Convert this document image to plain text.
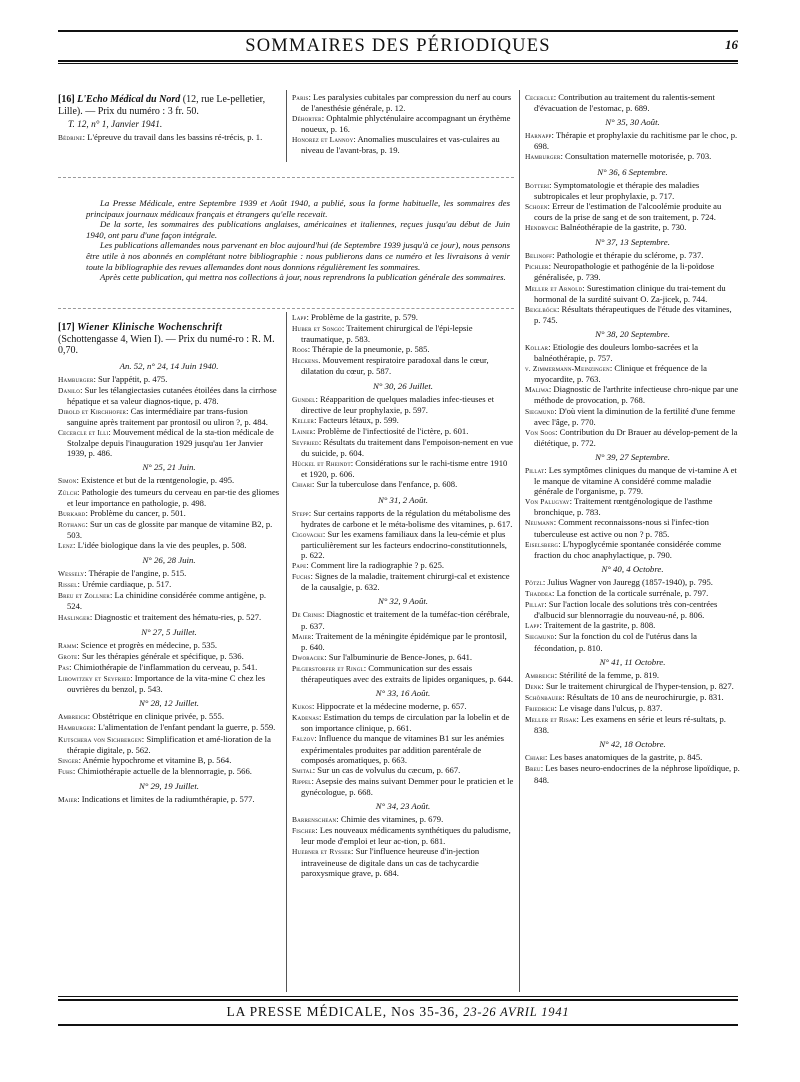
SOMMAIRES DES PÉRIODIQUES	16

[16] L'Echo Médical du Nord (12, rue Le-pelletier, Lille). — Prix du numéro : 3 fr. 50.

T. 12, n° 1, Janvier 1941.

Bédrine: L'épreuve du travail dans les bassins ré-trécis, p. 1.

Paris: Les paralysies cubitales par compression du nerf au cours de l'anesthésie générale, p. 12.

Déhorter: Ophtalmie phlycténulaire accompagnant un érythème noueux, p. 16.

Honorez et Lannoy: Anomalies musculaires et vas-culaires au niveau de l'avant-bras, p. 19.

La Presse Médicale, entre Septembre 1939 et Août 1940, a publié, sous la forme habituelle, les sommaires des principaux journaux médicaux français et étrangers qu'elle recevait.

De la sorte, les sommaires des publications anglaises, américaines et italiennes, reçues jusqu'au début de Juin 1940, ont paru d'une façon intégrale.

Les publications allemandes nous parvenant en bloc aujourd'hui (de Septembre 1939 jusqu'à ce jour), nous pensons être utile à nos abonnés en complétant notre bibliographie : nous publierons dans ce numéro et les livraisons à venir toute la bibliographie des revues allemandes dont nous donnions régulièrement les sommaires.

Après cette publication, qui mettra nos collections à jour, nous reprendrons la publication générale des sommaires.

[17] Wiener Klinische Wochenschrift (Schottengasse 4, Wien I). — Prix du numé-ro : R. M. 0,70.

An. 52, n° 24, 14 Juin 1940.

Hamburger: Sur l'appétit, p. 475.

Danilo: Sur les télangiectasies cutanées étoilées dans la cirrhose hépatique et sa valeur diagnos-tique, p. 478.

Dibold et Kirchhofer: Cas intermédiaire par trans-fusion sanguine après traitement par prontosil ou uliron ?, p. 484.

Cecercle et Illi: Mouvement médical de la sta-tion médicale de Stolzalpe depuis l'inauguration 1929 jusqu'au 1er Janvier 1939, p. 486.

N° 25, 21 Juin.

Simon: Existence et but de la rœntgenologie, p. 495.

Zülch: Pathologie des tumeurs du cerveau en par-tie des gliomes et leur importance en pathologie, p. 498.

Burkard: Problème du cancer, p. 501.

Rothang: Sur un cas de glossite par manque de vitamine B2, p. 503.

Lenz: L'idée biologique dans la vie des peuples, p. 508.

N° 26, 28 Juin.

Wessely: Thérapie de l'angine, p. 515.

Rissel: Urémie cardiaque, p. 517.

Breu et Zollner: La chinidine considérée comme antigène, p. 524.

Haslinger: Diagnostic et traitement des hématu-ries, p. 527.

N° 27, 5 Juillet.

Ramm: Science et progrès en médecine, p. 535.

Grote: Sur les thérapies générale et spécifique, p. 536.

Pas: Chimiothérapie de l'inflammation du cerveau, p. 541.

Libowitzky et Seyfried: Importance de la vita-mine C chez les ouvrières du benzol, p. 543.

N° 28, 12 Juillet.

Ambreich: Obstétrique en clinique privée, p. 555.

Hamburger: L'alimentation de l'enfant pendant la guerre, p. 559.

Kutschera von Sichbergen: Simplification et amé-lioration de la thérapie digitale, p. 562.

Singer: Anémie hypochrome et vitamine B, p. 564.

Fuhs: Chimiothérapie actuelle de la blennorragie, p. 566.

N° 29, 19 Juillet.

Maier: Indications et limites de la radiumthérapie, p. 577.

Lapp: Problème de la gastrite, p. 579.

Huber et Songo: Traitement chirurgical de l'épi-lepsie traumatique, p. 583.

Roos: Thérapie de la pneumonie, p. 585.

Heckens. Mouvement respiratoire paradoxal dans le cœur, dilatation du cœur, p. 587.

N° 30, 26 Juillet.

Gundel: Réapparition de quelques maladies infec-tieuses et directive de leur prophylaxie, p. 597.

Keller: Facteurs létaux, p. 599.

Lainer: Problème de l'infectiosité de l'ictère, p. 601.

Seyfried: Résultats du traitement dans l'empoison-nement en vue du suicide, p. 604.

Hückel et Rheindt: Considérations sur le rachi-tisme entre 1910 et 1920, p. 606.

Chiari: Sur la tuberculose dans l'enfance, p. 608.

N° 31, 2 Août.

Stepp: Sur certains rapports de la régulation du métabolisme des hydrates de carbone et le méta-bolisme des vitamines, p. 617.

Cigovacki: Sur les examens familiaux dans la leu-cémie et plus particulièrement sur les facteurs endocrino-constitutionnels, p. 622.

Pape: Comment lire la radiographie ? p. 625.

Fuchs: Signes de la maladie, traitement chirurgi-cal et existence de la causalgie, p. 632.

N° 32, 9 Août.

De Crinis: Diagnostic et traitement de la tuméfac-tion cérébrale, p. 637.

Maier: Traitement de la méningite épidémique par le prontosil, p. 640.

Dworacek: Sur l'albuminurie de Bence-Jones, p. 641.

Pilgerstorfer et Ringl: Communication sur des essais thérapeutiques avec des extraits de lipides organiques, p. 644.

N° 33, 16 Août.

Kukos: Hippocrate et la médecine moderne, p. 657.

Kadenas: Estimation du temps de circulation par la lobelin et de son importance clinique, p. 661.

Falzov: Influence du manque de vitamines B1 sur les anémies expérimentales produites par addition parentérale de composés aromatiques, p. 663.

Smital: Sur un cas de volvulus du cæcum, p. 667.

Rippel: Asepsie des mains suivant Demmer pour le praticien et le gynécologue, p. 668.

N° 34, 23 Août.

Barrenschean: Chimie des vitamines, p. 679.

Fischer: Les nouveaux médicaments synthétiques du paludisme, leur mode d'emploi et leur ac-tion, p. 681.

Huebner et Rysser: Sur l'influence heureuse d'in-jection intraveineuse de digitale dans un cas de tachycardie paroxysmique grave, p. 684.

Cecercle: Contribution au traitement du ralentis-sement d'évacuation de l'estomac, p. 689.

N° 35, 30 Août.

Harnapp: Thérapie et prophylaxie du rachitisme par le choc, p. 698.

Hamburger: Consultation maternelle motorisée, p. 703.

N° 36, 6 Septembre.

Botteri: Symptomatologie et thérapie des maladies subtropicales et leur prophylaxie, p. 717.

Schoen: Erreur de l'estimation de l'alcoolémie produite au cours de la prise de sang et de son traitement, p. 724.

Hendrych: Balnéothérapie de la gastrite, p. 730.

N° 37, 13 Septembre.

Belinoff: Pathologie et thérapie du sclérome, p. 737.

Pichler: Neuropathologie et pathogénie de la li-poïdose généralisée, p. 739.

Meller et Arnold: Surestimation clinique du trai-tement du hormonal de la surdité suivant O. Za-jicek, p. 744.

Beiglböck: Résultats thérapeutiques de l'étude des vitamines, p. 745.

N° 38, 20 Septembre.

Kollar: Etiologie des douleurs lombo-sacrées et la balnéothérapie, p. 757.

v. Zimmermann-Meinzingen: Clinique et fréquence de la myocardite, p. 763.

Maliwa: Diagnostic de l'arthrite infectieuse chro-nique par une méthode de provocation, p. 768.

Siegmund: D'où vient la diminution de la fertilité d'une femme avec l'âge, p. 770.

Von Soos: Contribution du Dr Brauer au dévelop-pement de la diététique, p. 772.

N° 39, 27 Septembre.

Pillat: Les symptômes cliniques du manque de vi-tamine A et le manque de vitamine A considéré comme maladie générale de l'organisme, p. 779.

Von Palugyay: Traitement rœntgénologique de l'asthme bronchique, p. 783.

Neumann: Comment reconnaissons-nous si l'infec-tion tuberculeuse est active ou non ? p. 785.

Eiselsberg: L'hypoglycémie spontanée considérée comme fraction du choc anaphylactique, p. 790.

N° 40, 4 Octobre.

Pötzl: Julius Wagner von Jauregg (1857-1940), p. 795.

Thaddea: La fonction de la corticale surrénale, p. 797.

Pillat: Sur l'action locale des solutions très con-centrées d'albucid sur blennorragie du nouveau-né, p. 806.

Lapp: Traitement de la gastrite, p. 808.

Siegmund: Sur la fonction du col de l'utérus dans la fécondation, p. 810.

N° 41, 11 Octobre.

Ambreich: Stérilité de la femme, p. 819.

Denk: Sur le traitement chirurgical de l'hyper-tension, p. 827.

Schönbauer: Résultats de 10 ans de neurochirurgie, p. 831.

Friedrich: Le visage dans l'ulcus, p. 837.

Meller et Risak: Les examens en série et leurs ré-sultats, p. 838.

N° 42, 18 Octobre.

Chiari: Les bases anatomiques de la gastrite, p. 845.

Breu: Les bases neuro-endocrines de la néphrose lipoïdique, p. 848.

LA PRESSE MÉDICALE, Nos 35-36, 23-26 AVRIL 1941
